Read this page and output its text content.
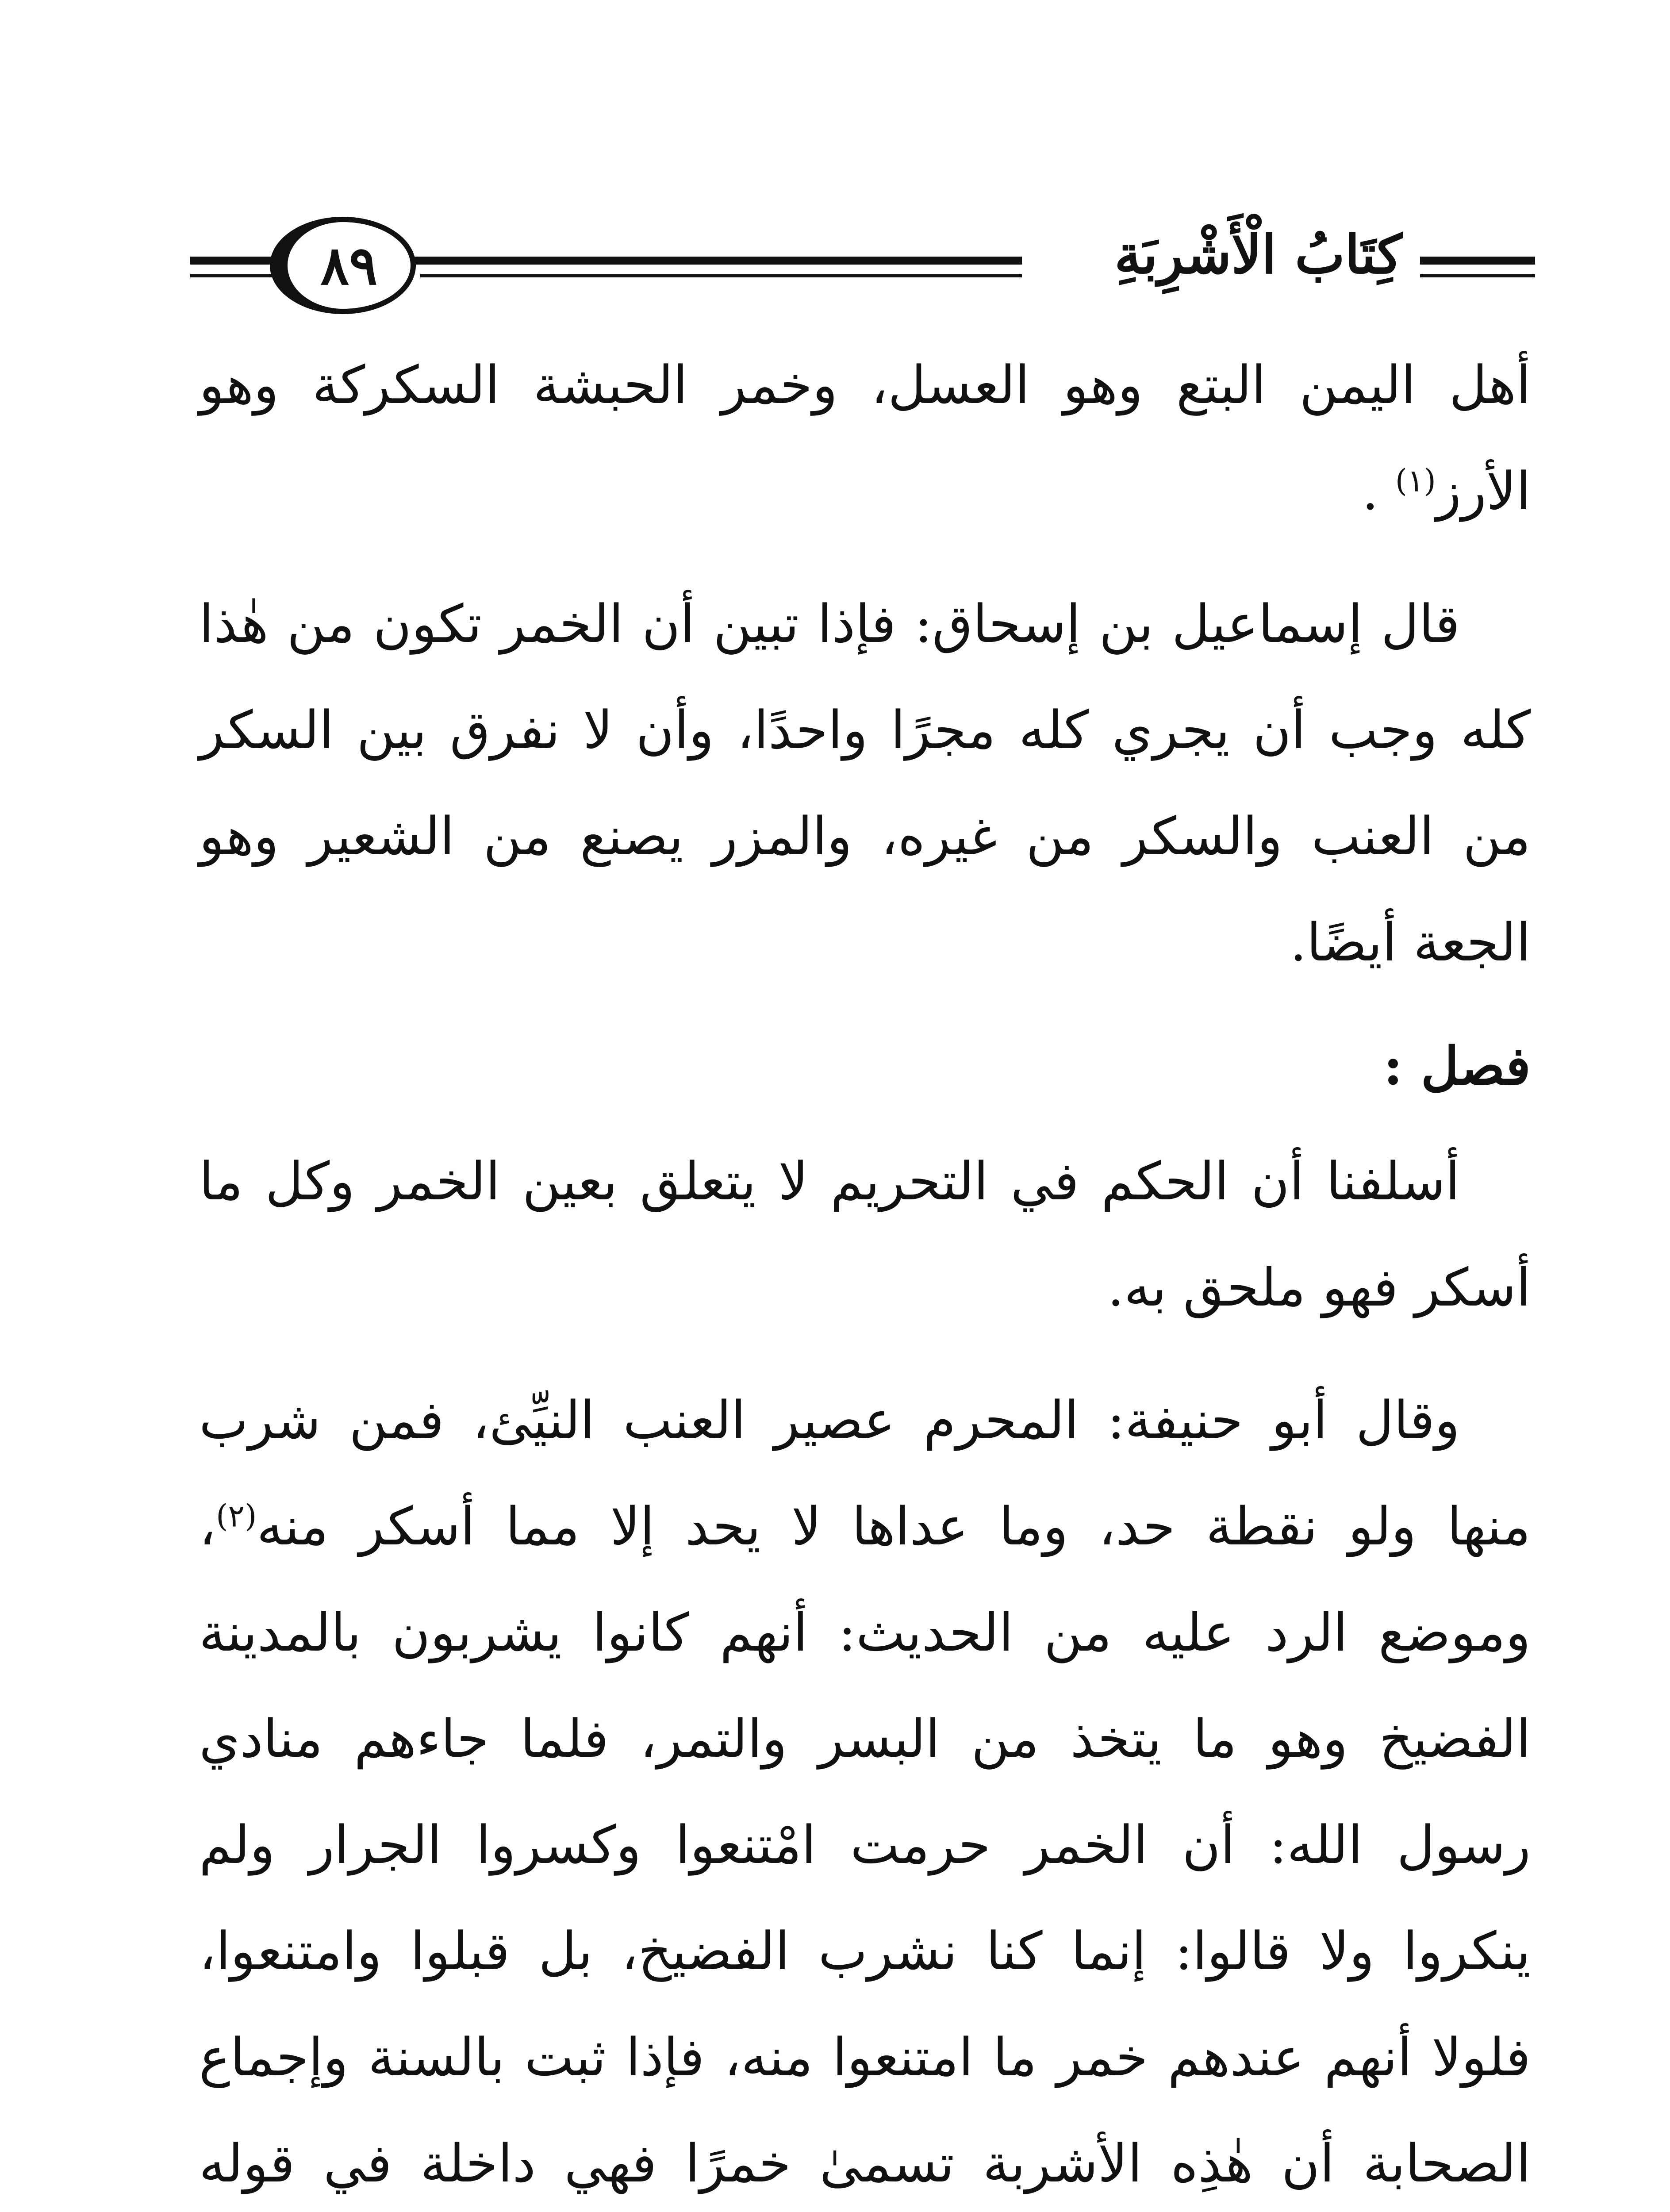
٨٩	كِتَابُ الْأَشْرِبَةِ

أهل اليمن البتع وهو العسل، وخمر الحبشة السكركة وهو الأرز$^{(١)}$ .

قال إسماعيل بن إسحاق: فإذا تبين أن الخمر تكون من هٰذا كله وجب أن يجري كله مجرًا واحدًا، وأن لا نفرق بين السكر من العنب والسكر من غيره، والمزر يصنع من الشعير وهو الجعة أيضًا.

فصل :

أسلفنا أن الحكم في التحريم لا يتعلق بعين الخمر وكل ما أسكر فهو ملحق به.

وقال أبو حنيفة: المحرم عصير العنب النيِّئ، فمن شرب منها ولو نقطة حد، وما عداها لا يحد إلا مما أسكر منه$^{(٢)}$، وموضع الرد عليه من الحديث: أنهم كانوا يشربون بالمدينة الفضيخ وهو ما يتخذ من البسر والتمر، فلما جاءهم منادي رسول الله: أن الخمر حرمت امْتنعوا وكسروا الجرار ولم ينكروا ولا قالوا: إنما كنا نشرب الفضيخ، بل قبلوا وامتنعوا، فلولا أنهم عندهم خمر ما امتنعوا منه، فإذا ثبت بالسنة وإجماع الصحابة أن هٰذِه الأشربة تسمىٰ خمرًا فهي داخلة في قوله
